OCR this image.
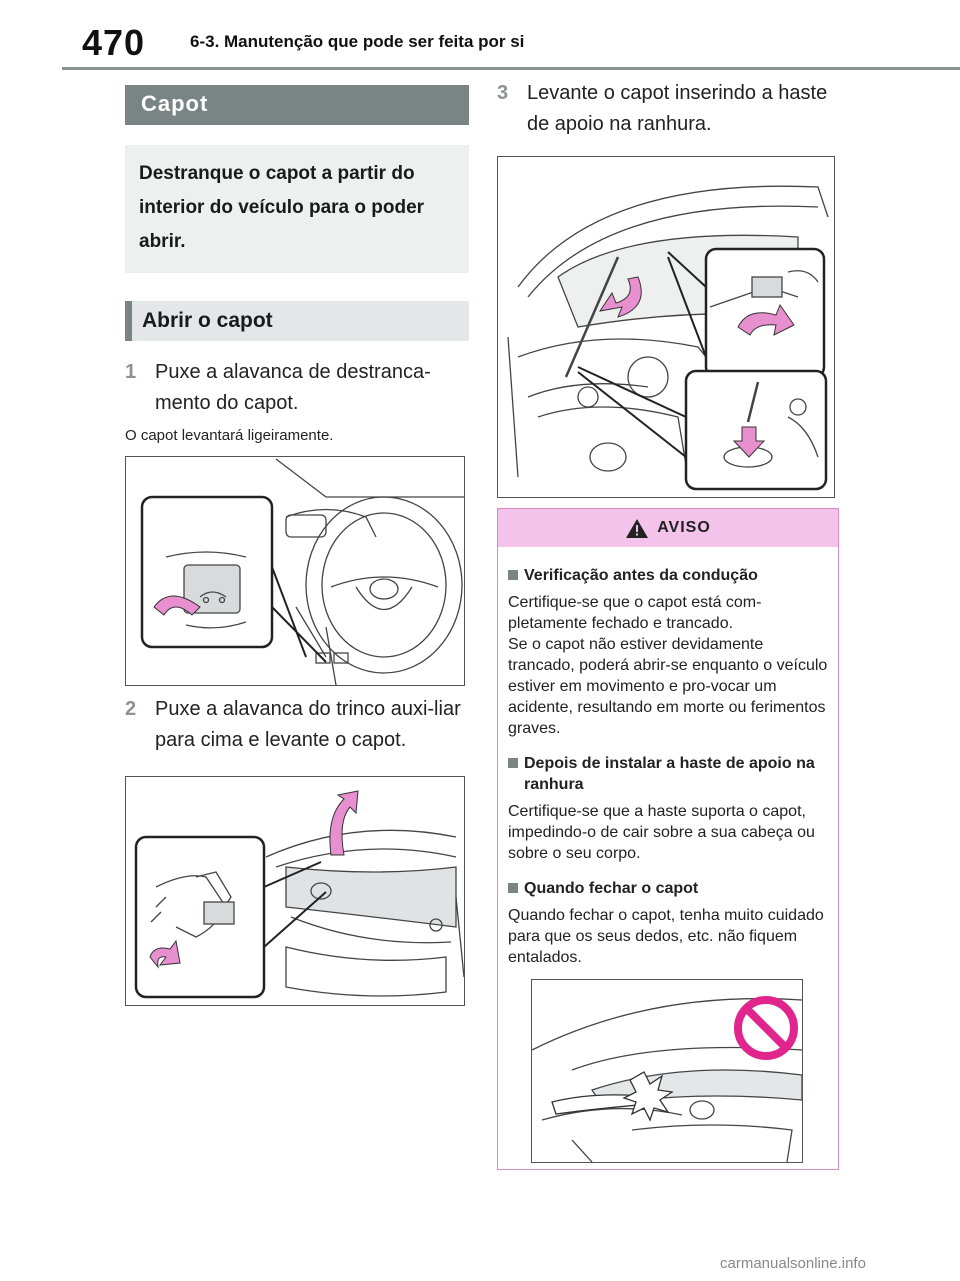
470	6-3. Manutenção que pode ser feita por si
Capot
Destranque o capot a partir do interior do veículo para o poder abrir.
Abrir o capot
1 Puxe a alavanca de destranca-mento do capot.
O capot levantará ligeiramente.
2 Puxe a alavanca do trinco auxi-liar para cima e levante o capot.
3 Levante o capot inserindo a haste de apoio na ranhura.
AVISO
Verificação antes da condução
Certifique-se que o capot está com-pletamente fechado e trancado.
Se o capot não estiver devidamente trancado, poderá abrir-se enquanto o veículo estiver em movimento e pro-vocar um acidente, resultando em morte ou ferimentos graves.
Depois de instalar a haste de apoio na ranhura
Certifique-se que a haste suporta o capot, impedindo-o de cair sobre a sua cabeça ou sobre o seu corpo.
Quando fechar o capot
Quando fechar o capot, tenha muito cuidado para que os seus dedos, etc. não fiquem entalados.
carmanualsonline.info
